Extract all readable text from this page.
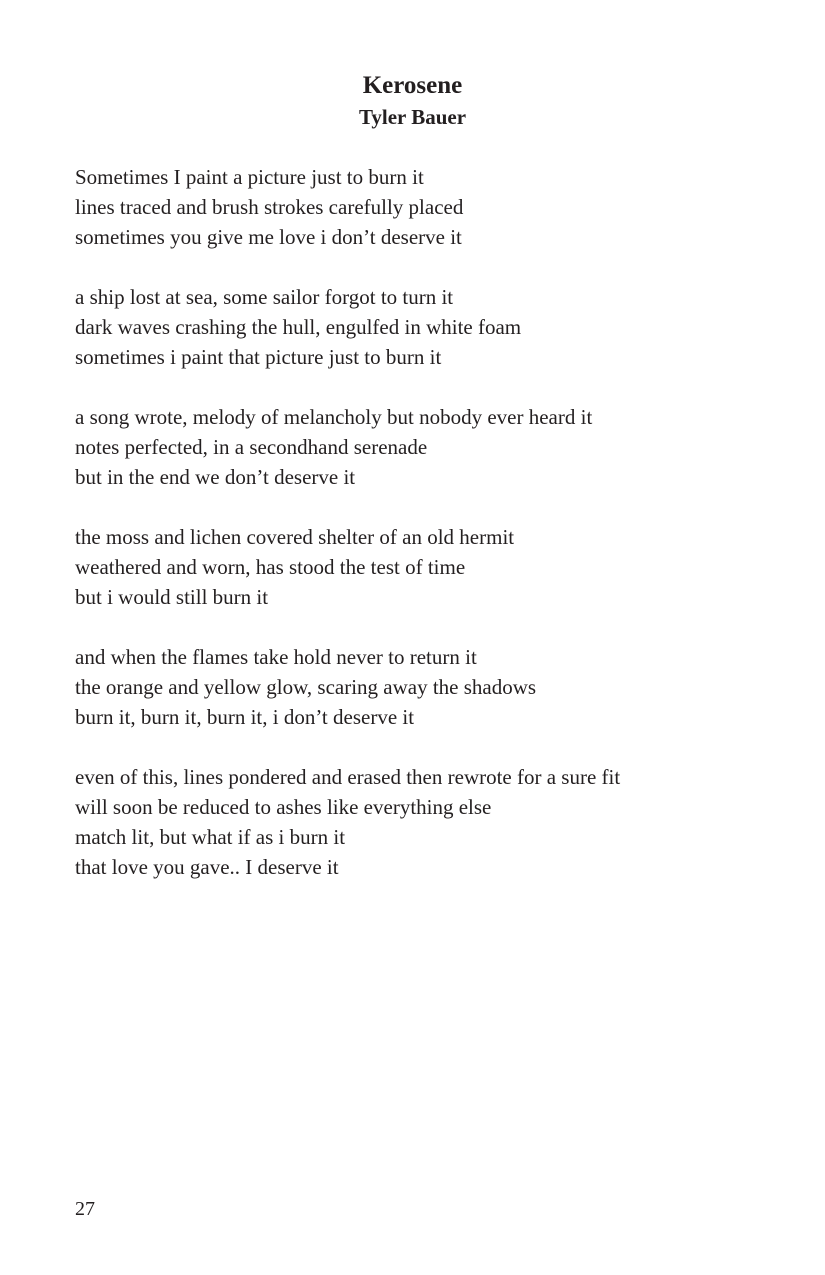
Kerosene
Tyler Bauer
Sometimes I paint a picture just to burn it
lines traced and brush strokes carefully placed
sometimes you give me love i don’t deserve it
a ship lost at sea, some sailor forgot to turn it
dark waves crashing the hull, engulfed in white foam
sometimes i paint that picture just to burn it
a song wrote, melody of melancholy but nobody ever heard it
notes perfected, in a secondhand serenade
but in the end we don’t deserve it
the moss and lichen covered shelter of an old hermit
weathered and worn, has stood the test of time
but i would still burn it
and when the flames take hold never to return it
the orange and yellow glow, scaring away the shadows
burn it, burn it, burn it, i don’t deserve it
even of this, lines pondered and erased then rewrote for a sure fit
will soon be reduced to ashes like everything else
match lit, but what if as i burn it
that love you gave.. I deserve it
27
